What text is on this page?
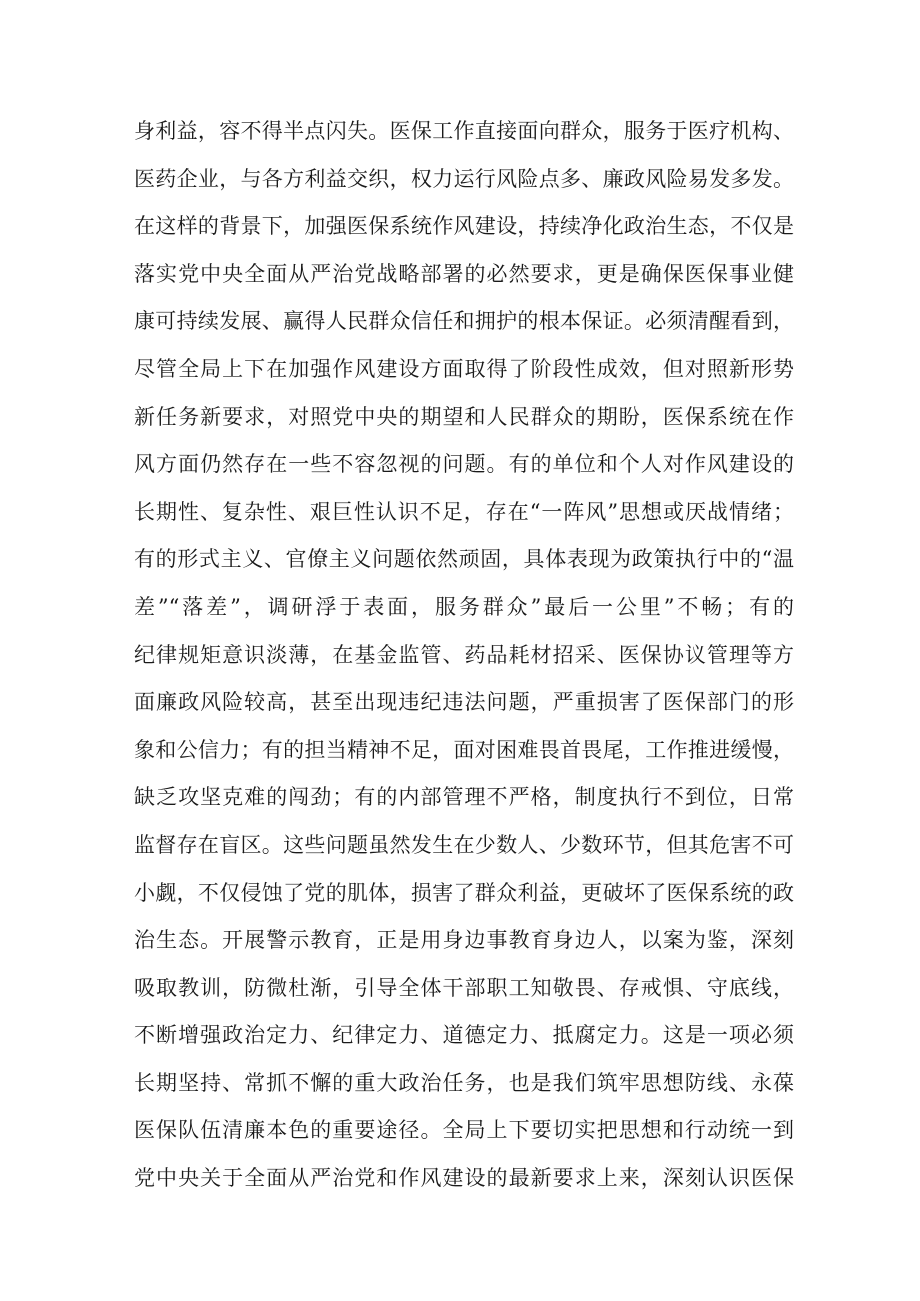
身利益，容不得半点闪失。医保工作直接面向群众，服务于医疗机构、
医药企业，与各方利益交织，权力运行风险点多、廉政风险易发多发。
在这样的背景下，加强医保系统作风建设，持续净化政治生态，不仅是
落实党中央全面从严治党战略部署的必然要求，更是确保医保事业健
康可持续发展、赢得人民群众信任和拥护的根本保证。必须清醒看到，
尽管全局上下在加强作风建设方面取得了阶段性成效，但对照新形势
新任务新要求，对照党中央的期望和人民群众的期盼，医保系统在作
风方面仍然存在一些不容忽视的问题。有的单位和个人对作风建设的
长期性、复杂性、艰巨性认识不足，存在“一阵风”思想或厌战情绪；
有的形式主义、官僚主义问题依然顽固，具体表现为政策执行中的“温
差”“落差”，调研浮于表面，服务群众”最后一公里”不畅；有的
纪律规矩意识淡薄，在基金监管、药品耗材招采、医保协议管理等方
面廉政风险较高，甚至出现违纪违法问题，严重损害了医保部门的形
象和公信力；有的担当精神不足，面对困难畏首畏尾，工作推进缓慢，
缺乏攻坚克难的闯劲；有的内部管理不严格，制度执行不到位，日常
监督存在盲区。这些问题虽然发生在少数人、少数环节，但其危害不可
小觑，不仅侵蚀了党的肌体，损害了群众利益，更破坏了医保系统的政
治生态。开展警示教育，正是用身边事教育身边人，以案为鉴，深刻
吸取教训，防微杜渐，引导全体干部职工知敬畏、存戒惧、守底线，
不断增强政治定力、纪律定力、道德定力、抵腐定力。这是一项必须
长期坚持、常抓不懈的重大政治任务，也是我们筑牢思想防线、永葆
医保队伍清廉本色的重要途径。全局上下要切实把思想和行动统一到
党中央关于全面从严治党和作风建设的最新要求上来，深刻认识医保
